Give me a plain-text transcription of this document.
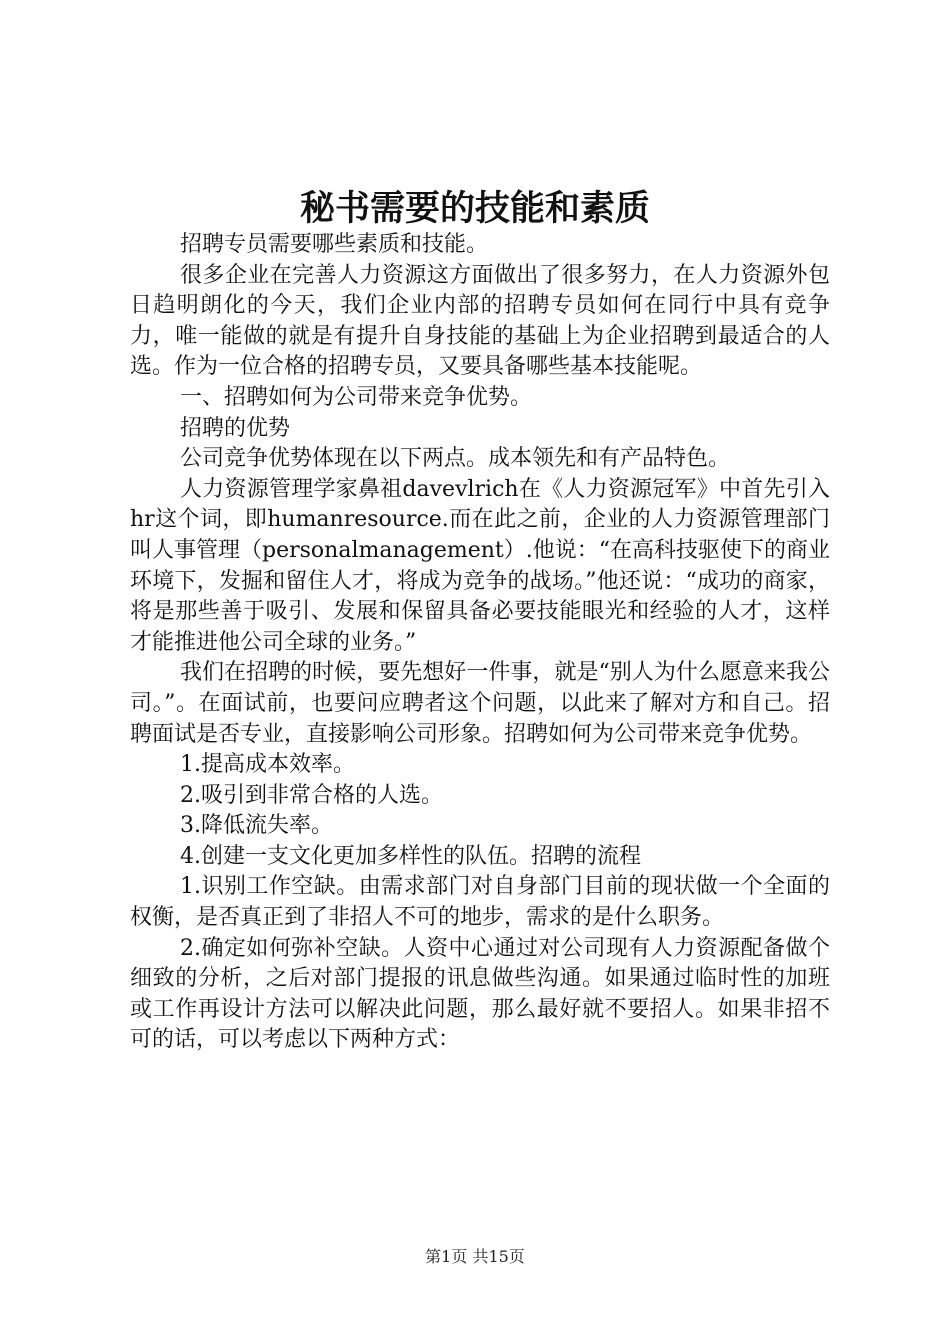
秘书需要的技能和素质

招聘专员需要哪些素质和技能。

很多企业在完善人力资源这方面做出了很多努力，在人力资源外包日趋明朗化的今天，我们企业内部的招聘专员如何在同行中具有竞争力，唯一能做的就是有提升自身技能的基础上为企业招聘到最适合的人选。作为一位合格的招聘专员，又要具备哪些基本技能呢。

一、招聘如何为公司带来竞争优势。

招聘的优势

公司竞争优势体现在以下两点。成本领先和有产品特色。

人力资源管理学家鼻祖davevlrich在《人力资源冠军》中首先引入hr这个词，即humanresource.而在此之前，企业的人力资源管理部门叫人事管理（personalmanagement）.他说：“在高科技驱使下的商业环境下，发掘和留住人才，将成为竞争的战场。”他还说：“成功的商家，将是那些善于吸引、发展和保留具备必要技能眼光和经验的人才，这样才能推进他公司全球的业务。”

我们在招聘的时候，要先想好一件事，就是“别人为什么愿意来我公司。”。在面试前，也要问应聘者这个问题，以此来了解对方和自己。招聘面试是否专业，直接影响公司形象。招聘如何为公司带来竞争优势。

1.提高成本效率。

2.吸引到非常合格的人选。

3.降低流失率。

4.创建一支文化更加多样性的队伍。招聘的流程

1.识别工作空缺。由需求部门对自身部门目前的现状做一个全面的权衡，是否真正到了非招人不可的地步，需求的是什么职务。

2.确定如何弥补空缺。人资中心通过对公司现有人力资源配备做个细致的分析，之后对部门提报的讯息做些沟通。如果通过临时性的加班或工作再设计方法可以解决此问题，那么最好就不要招人。如果非招不可的话，可以考虑以下两种方式：

第1页 共15页
